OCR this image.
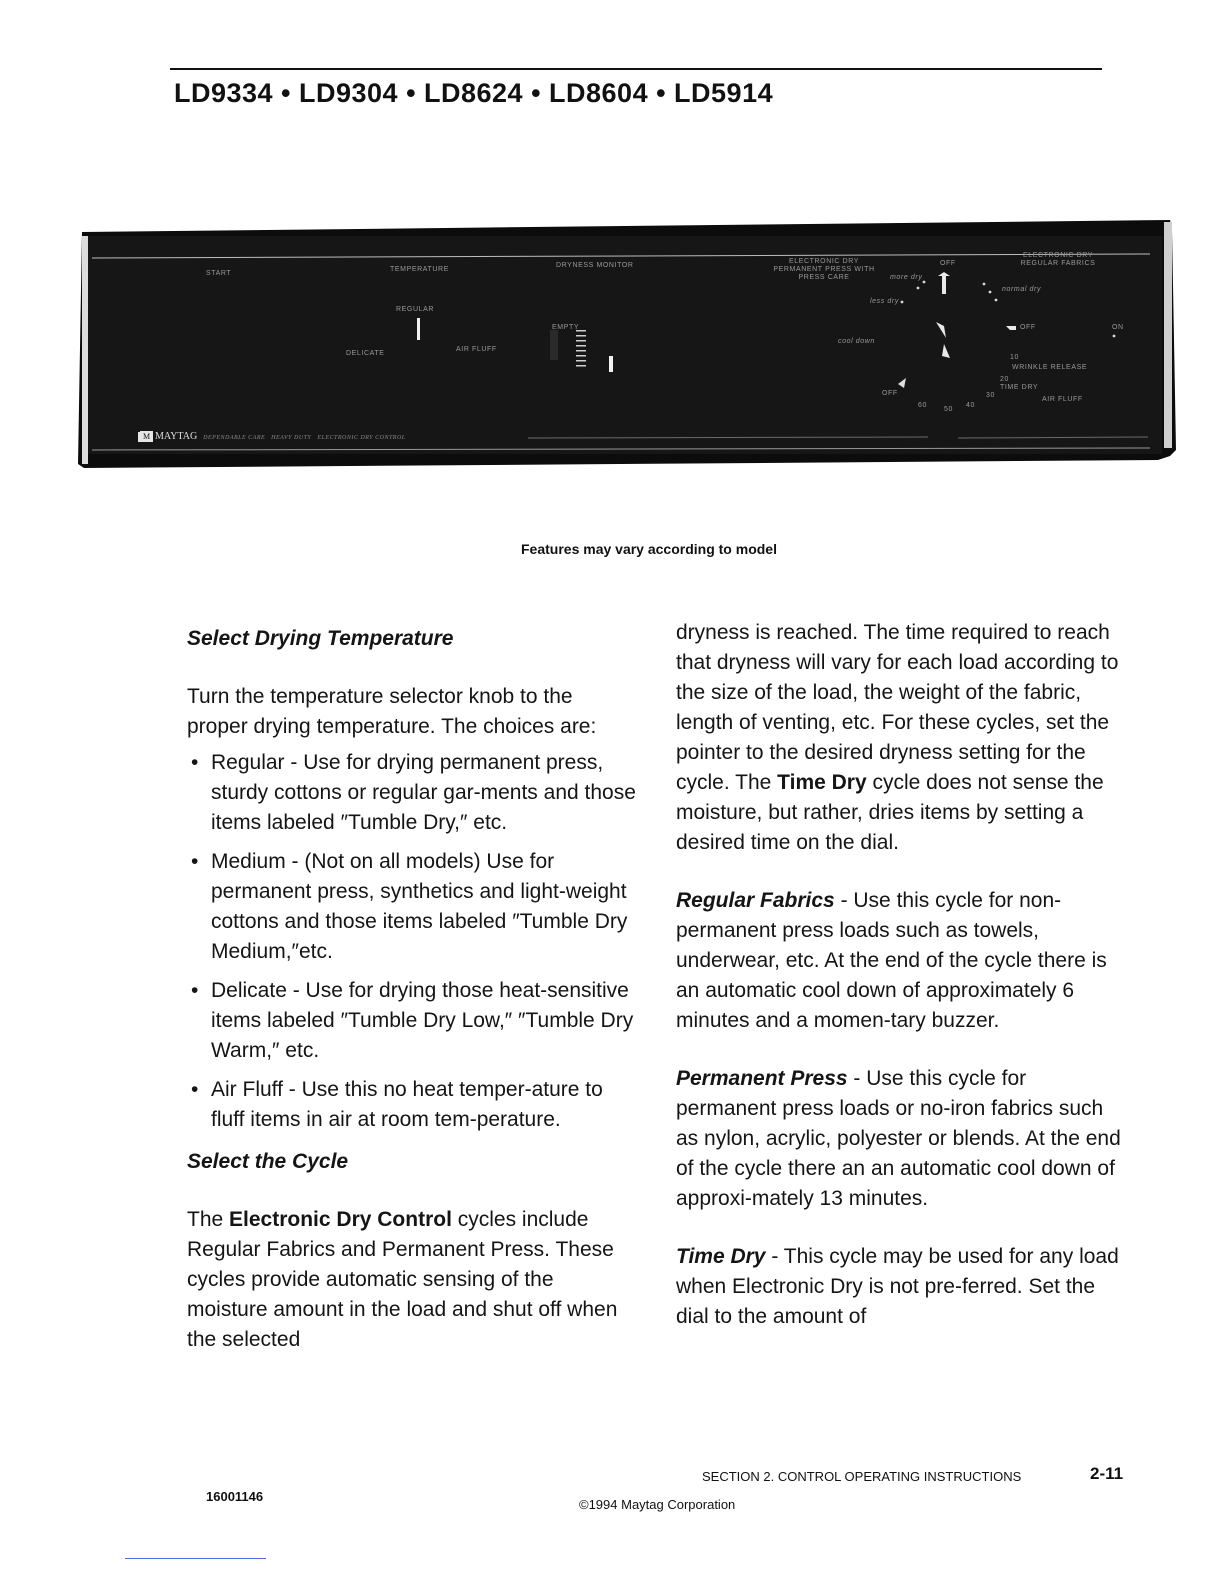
LD9334 • LD9304 • LD8624 • LD8604 • LD5914
START
TEMPERATURE
DRYNESS MONITOR
ELECTRONIC DRY PERMANENT PRESS WITH PRESS CARE
ELECTRONIC DRY REGULAR FABRICS
OFF
REGULAR
DELICATE
AIR FLUFF
EMPTY
more dry
less dry
normal dry
cool down
OFF
OFF
ON
10
WRINKLE RELEASE
20
TIME DRY
30
AIR FLUFF
40
50
60
M MAYTAG DEPENDABLE CARE HEAVY DUTY ELECTRONIC DRY CONTROL
Features may vary according to model

Select Drying Temperature

Turn the temperature selector knob to the proper drying temperature. The choices are:

• Regular - Use for drying permanent press, sturdy cottons or regular gar-ments and those items labeled ″Tumble Dry,″ etc.
• Medium - (Not on all models) Use for permanent press, synthetics and light-weight cottons and those items labeled ″Tumble Dry Medium,″etc.
• Delicate - Use for drying those heat-sensitive items labeled ″Tumble Dry Low,″ ″Tumble Dry Warm,″ etc.
• Air Fluff - Use this no heat temper-ature to fluff items in air at room tem-perature.

Select the Cycle

The Electronic Dry Control cycles include Regular Fabrics and Permanent Press. These cycles provide automatic sensing of the moisture amount in the load and shut off when the selected

dryness is reached. The time required to reach that dryness will vary for each load according to the size of the load, the weight of the fabric, length of venting, etc. For these cycles, set the pointer to the desired dryness setting for the cycle. The Time Dry cycle does not sense the moisture, but rather, dries items by setting a desired time on the dial.

Regular Fabrics - Use this cycle for non-permanent press loads such as towels, underwear, etc. At the end of the cycle there is an automatic cool down of approximately 6 minutes and a momen-tary buzzer.

Permanent Press - Use this cycle for permanent press loads or no-iron fabrics such as nylon, acrylic, polyester or blends. At the end of the cycle there an an automatic cool down of approxi-mately 13 minutes.

Time Dry - This cycle may be used for any load when Electronic Dry is not pre-ferred. Set the dial to the amount of

16001146
SECTION 2. CONTROL OPERATING INSTRUCTIONS	2-11
©1994 Maytag Corporation
